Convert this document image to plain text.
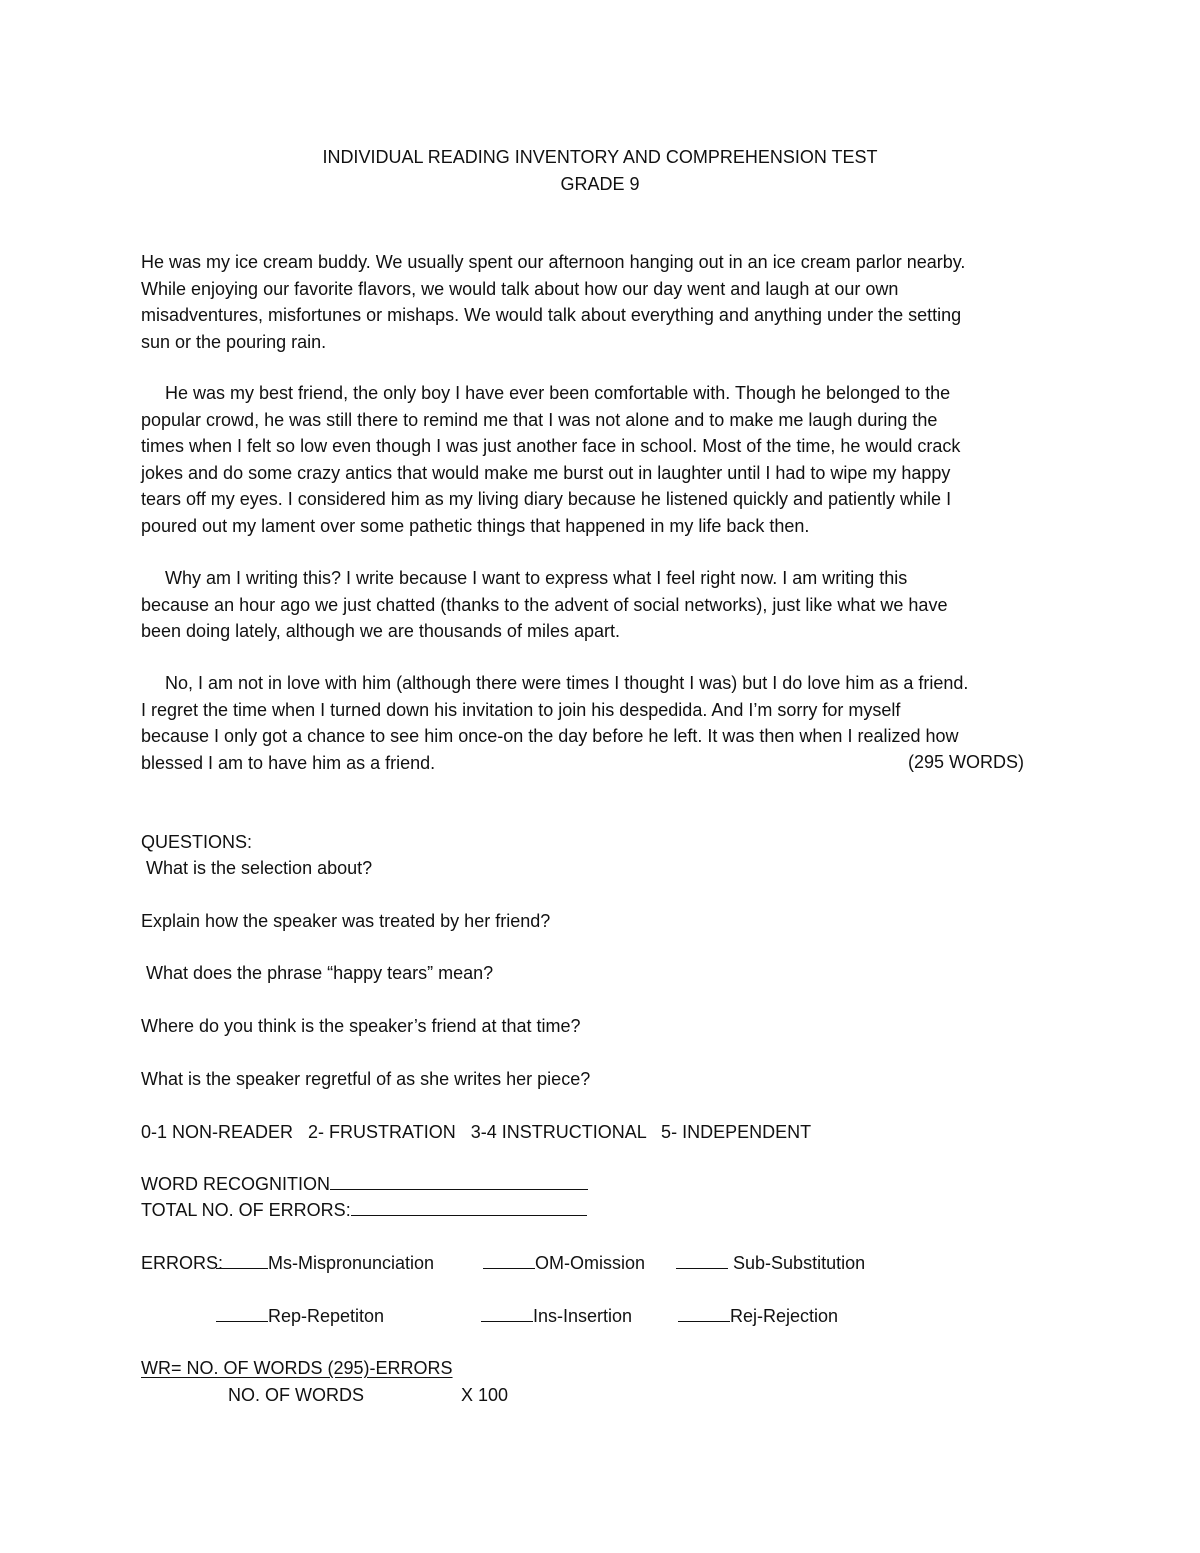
INDIVIDUAL READING INVENTORY AND COMPREHENSION TEST

GRADE 9

He was my ice cream buddy. We usually spent our afternoon hanging out in an ice cream parlor nearby.
While enjoying our favorite flavors, we would talk about how our day went and laugh at our own
misadventures, misfortunes or mishaps. We would talk about everything and anything under the setting
sun or the pouring rain.
He was my best friend, the only boy I have ever been comfortable with. Though he belonged to the
popular crowd, he was still there to remind me that I was not alone and to make me laugh during the
times when I felt so low even though I was just another face in school. Most of the time, he would crack
jokes and do some crazy antics that would make me burst out in laughter until I had to wipe my happy
tears off my eyes. I considered him as my living diary because he listened quickly and patiently while I
poured out my lament over some pathetic things that happened in my life back then.
Why am I writing this? I write because I want to express what I feel right now. I am writing this
because an hour ago we just chatted (thanks to the advent of social networks), just like what we have
been doing lately, although we are thousands of miles apart.
No, I am not in love with him (although there were times I thought I was) but I do love him as a friend.
I regret the time when I turned down his invitation to join his despedida. And I’m sorry for myself
because I only got a chance to see him once-on the day before he left. It was then when I realized how
blessed I am to have him as a friend.	(295 WORDS)

QUESTIONS:

What is the selection about?

Explain how the speaker was treated by her friend?

What does the phrase “happy tears” mean?

Where do you think is the speaker’s friend at that time?

What is the speaker regretful of as she writes her piece?

0-1 NON-READER   2- FRUSTRATION   3-4 INSTRUCTIONAL   5- INDEPENDENT

WORD RECOGNITION

TOTAL NO. OF ERRORS:

ERRORS:	Ms-Mispronunciation	OM-Omission	Sub-Substitution

Rep-Repetiton	Ins-Insertion	Rej-Rejection

WR= NO. OF WORDS (295)-ERRORS

NO. OF WORDS	X 100
